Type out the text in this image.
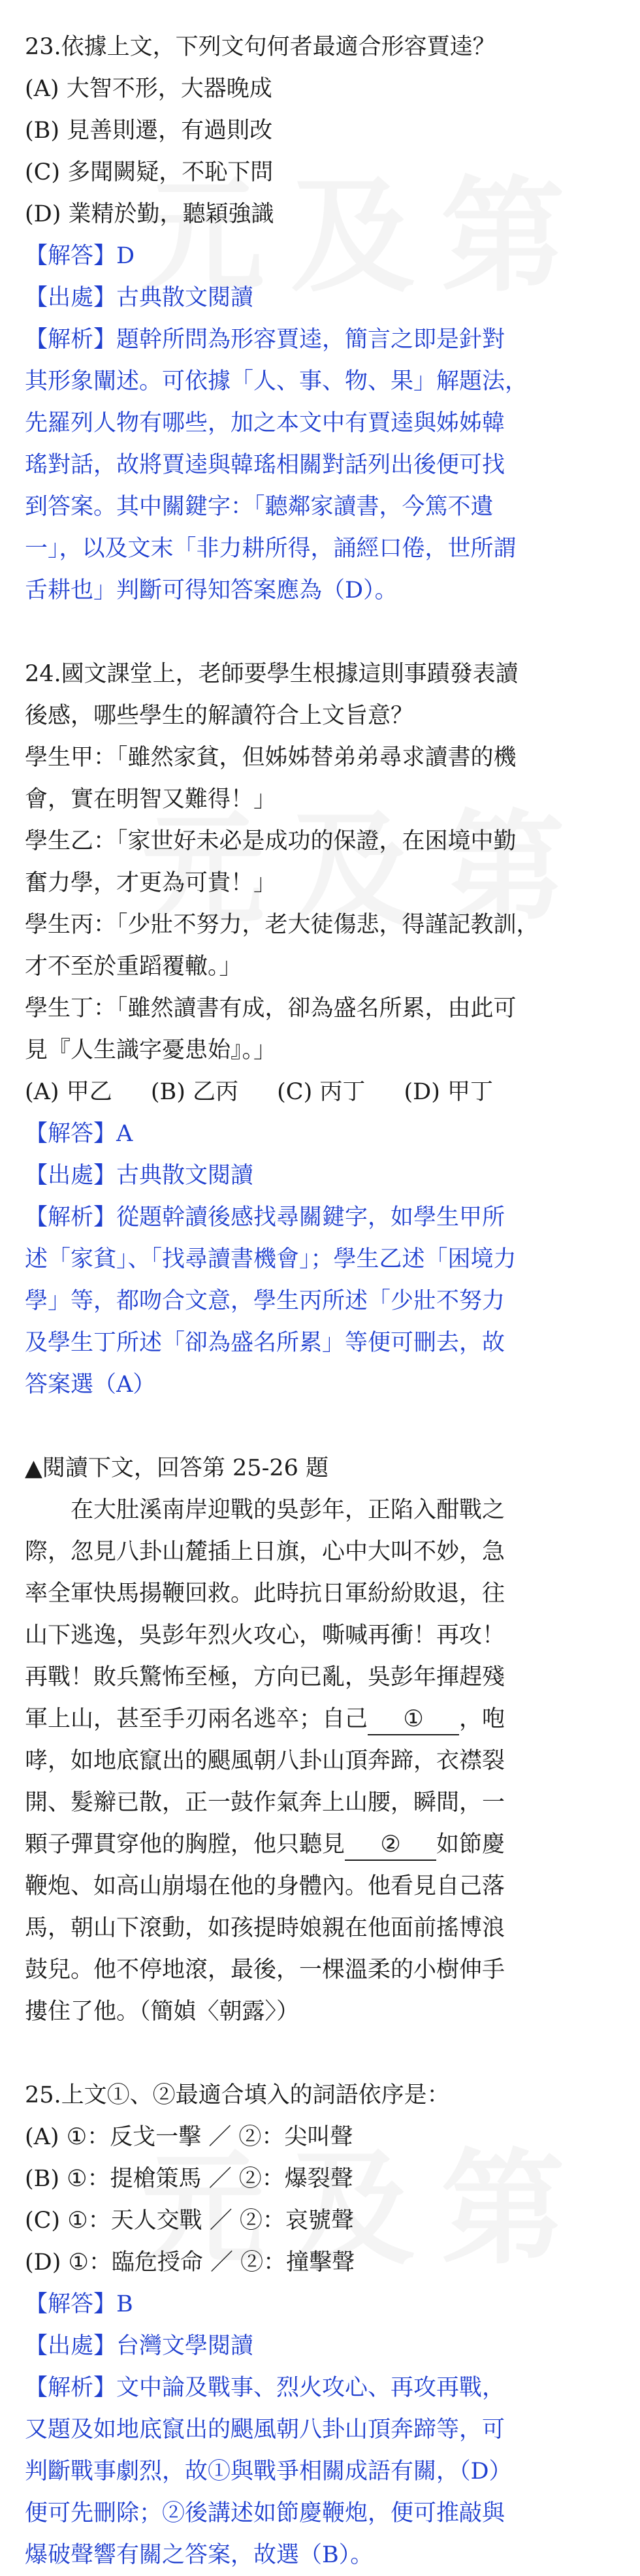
23.依據上文，下列文句何者最適合形容賈逵？
(A) 大智不形，大器晚成
(B) 見善則遷，有過則改
(C) 多聞闕疑，不恥下問
(D) 業精於勤，聽穎強識
【解答】D
【出處】古典散文閱讀
【解析】題幹所問為形容賈逵，簡言之即是針對
其形象闡述。可依據「人、事、物、果」解題法，
先羅列人物有哪些，加之本文中有賈逵與姊姊韓
瑤對話，故將賈逵與韓瑤相關對話列出後便可找
到答案。其中關鍵字：「聽鄰家讀書，今篤不遺
一」，以及文末「非力耕所得，誦經口倦，世所謂
舌耕也」判斷可得知答案應為（D）。
24.國文課堂上，老師要學生根據這則事蹟發表讀
後感，哪些學生的解讀符合上文旨意？
學生甲：「雖然家貧，但姊姊替弟弟尋求讀書的機
會，實在明智又難得！」
學生乙：「家世好未必是成功的保證，在困境中勤
奮力學，才更為可貴！」
學生丙：「少壯不努力，老大徒傷悲，得謹記教訓，
才不至於重蹈覆轍。」
學生丁：「雖然讀書有成，卻為盛名所累，由此可
見『人生識字憂患始』。」
(A) 甲乙 (B) 乙丙 (C) 丙丁 (D) 甲丁
【解答】A
【出處】古典散文閱讀
【解析】從題幹讀後感找尋關鍵字，如學生甲所
述「家貧」、「找尋讀書機會」；學生乙述「困境力
學」等，都吻合文意，學生丙所述「少壯不努力
及學生丁所述「卻為盛名所累」等便可刪去，故
答案選（A）
▲閱讀下文，回答第 25-26 題
在大肚溪南岸迎戰的吳彭年，正陷入酣戰之
際，忽見八卦山麓插上日旗，心中大叫不妙，急
率全軍快馬揚鞭回救。此時抗日軍紛紛敗退，往
山下逃逸，吳彭年烈火攻心，嘶喊再衝！再攻！
再戰！敗兵驚怖至極，方向已亂，吳彭年揮趕殘
軍上山，甚至手刃兩名逃卒；自己 ① ，咆
哮，如地底竄出的颶風朝八卦山頂奔蹄，衣襟裂
開、髮辮已散，正一鼓作氣奔上山腰，瞬間，一
顆子彈貫穿他的胸膛，他只聽見 ② 如節慶
鞭炮、如高山崩塌在他的身體內。他看見自己落
馬，朝山下滾動，如孩提時娘親在他面前搖博浪
鼓兒。他不停地滾，最後，一棵溫柔的小樹伸手
摟住了他。（簡媜〈朝露〉）
25.上文①、②最適合填入的詞語依序是：
(A) ①：反戈一擊 ／ ②：尖叫聲
(B) ①：提槍策馬 ／ ②：爆裂聲
(C) ①：天人交戰 ／ ②：哀號聲
(D) ①：臨危授命 ／ ②：撞擊聲
【解答】B
【出處】台灣文學閱讀
【解析】文中論及戰事、烈火攻心、再攻再戰，
又題及如地底竄出的颶風朝八卦山頂奔蹄等，可
判斷戰事劇烈，故①與戰爭相關成語有關，（D）
便可先刪除；②後講述如節慶鞭炮，便可推敲與
爆破聲響有關之答案，故選（B）。
